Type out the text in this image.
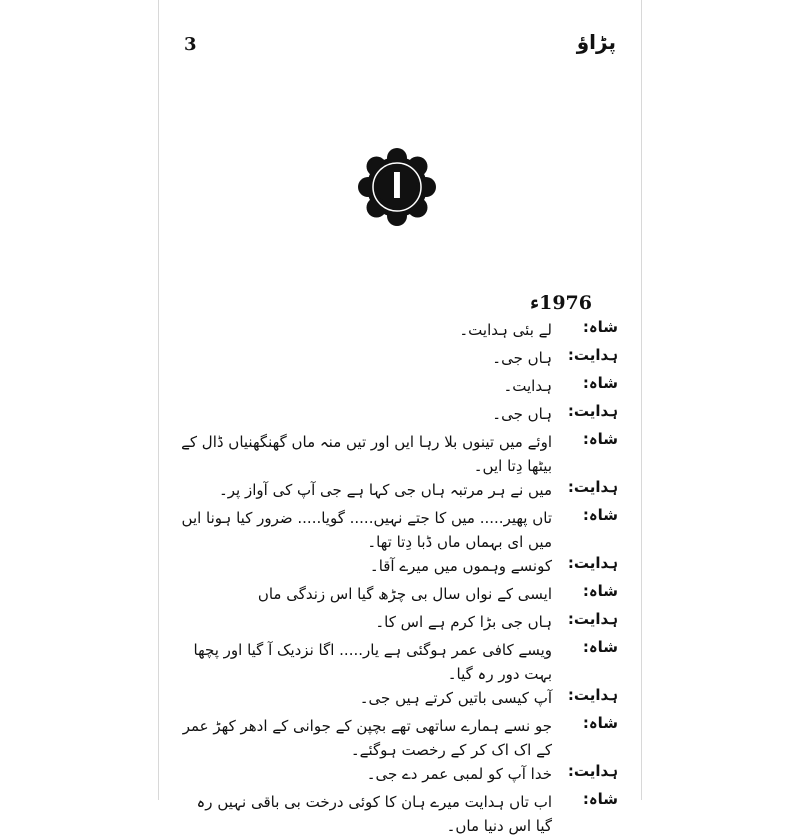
3	پڑاؤ
ا
1976ء
شاہ:
لے بئی ہدایت۔
ہدایت:
ہاں جی۔
شاہ:
ہدایت۔
ہدایت:
ہاں جی۔
شاہ:
اوئے میں تینوں بلا رہا ایں اور تیں منہ ماں گھنگھنیاں ڈال کے بیٹھا دِتا ایں۔
ہدایت:
میں نے ہر مرتبہ ہاں جی کہا ہے جی آپ کی آواز پر۔
شاہ:
تاں پھیر..... میں کا جتے نہیں..... گویا..... ضرور کیا ہونا ایں میں ای بہماں ماں ڈبا دِتا تھا۔
ہدایت:
کونسے وہموں میں میرے آقا۔
شاہ:
ایسی کے نواں سال بی چڑھ گیا اس زندگی ماں
ہدایت:
ہاں جی بڑا کرم ہے اس کا۔
شاہ:
ویسے کافی عمر ہوگئی ہے یار..... اگا نزدیک آ گیا اور پچھا بہت دور رہ گیا۔
ہدایت:
آپ کیسی باتیں کرتے ہیں جی۔
شاہ:
جو نسے ہمارے ساتھی تھے بچپن کے جوانی کے ادھر کھڑ عمر کے اک اک کر کے رخصت ہوگئے۔
ہدایت:
خدا آپ کو لمبی عمر دے جی۔
شاہ:
اب تاں ہدایت میرے ہان کا کوئی درخت بی باقی نہیں رہ گیا اس دنیا ماں۔
